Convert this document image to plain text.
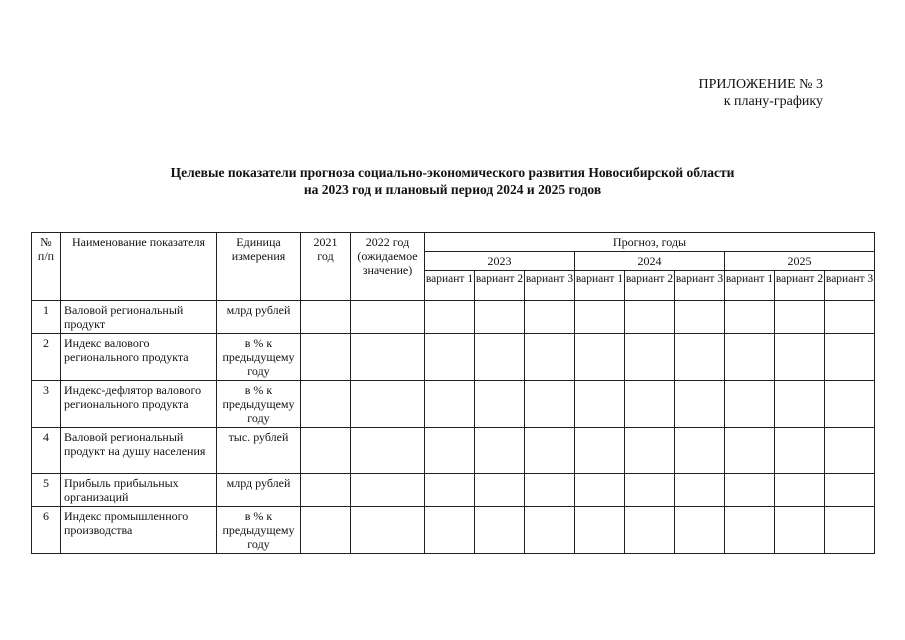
ПРИЛОЖЕНИЕ № 3
к плану-графику
Целевые показатели прогноза социально-экономического развития Новосибирской области
на 2023 год и плановый период 2024 и 2025 годов
№ п/п	Наименование показателя	Единица измерения	2021 год	2022 год (ожидаемое значение)	Прогноз, годы								
					2023			2024			2025		
					вариант 1	вариант 2	вариант 3	вариант 1	вариант 2	вариант 3	вариант 1	вариант 2	вариант 3
1	Валовой региональный продукт	млрд рублей											
2	Индекс валового регионального продукта	в % к предыдущему году											
3	Индекс-дефлятор валового регионального продукта	в % к предыдущему году											
4	Валовой региональный продукт на душу населения	тыс. рублей											
5	Прибыль прибыльных организаций	млрд рублей											
6	Индекс промышленного производства	в % к предыдущему году											
